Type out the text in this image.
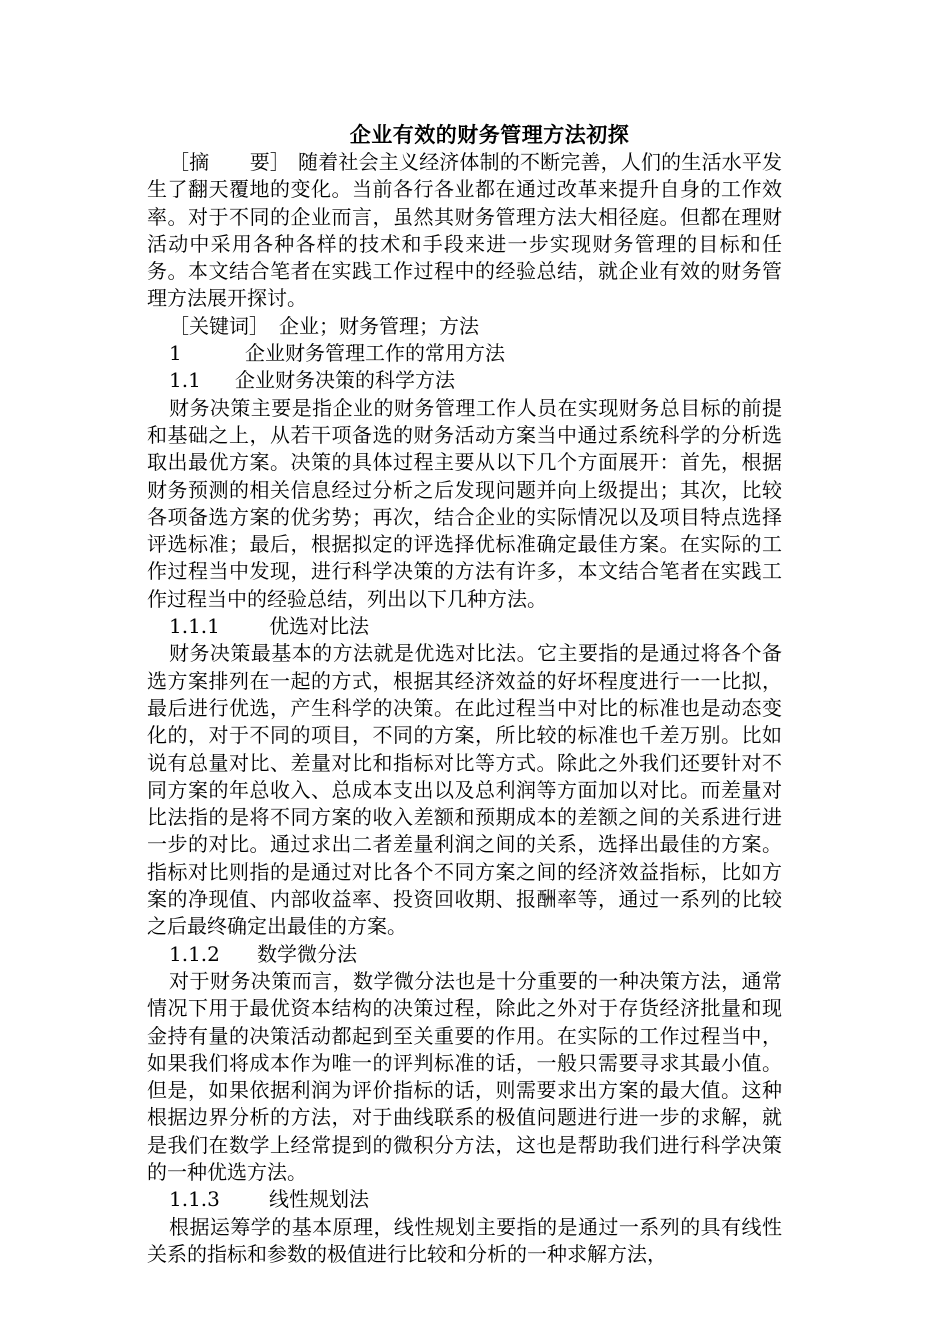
企业有效的财务管理方法初探

［摘　　要］ 随着社会主义经济体制的不断完善，人们的生活水平发生了翻天覆地的变化。当前各行各业都在通过改革来提升自身的工作效率。对于不同的企业而言，虽然其财务管理方法大相径庭。但都在理财活动中采用各种各样的技术和手段来进一步实现财务管理的目标和任务。本文结合笔者在实践工作过程中的经验总结，就企业有效的财务管理方法展开探讨。

［关键词］ 企业；财务管理；方法

1	企业财务管理工作的常用方法

1.1 企业财务决策的科学方法

财务决策主要是指企业的财务管理工作人员在实现财务总目标的前提和基础之上，从若干项备选的财务活动方案当中通过系统科学的分析选取出最优方案。决策的具体过程主要从以下几个方面展开：首先，根据财务预测的相关信息经过分析之后发现问题并向上级提出；其次，比较各项备选方案的优劣势；再次，结合企业的实际情况以及项目特点选择评选标准；最后，根据拟定的评选择优标准确定最佳方案。在实际的工作过程当中发现，进行科学决策的方法有许多，本文结合笔者在实践工作过程当中的经验总结，列出以下几种方法。

1.1.1 优选对比法

财务决策最基本的方法就是优选对比法。它主要指的是通过将各个备选方案排列在一起的方式，根据其经济效益的好坏程度进行一一比拟，最后进行优选，产生科学的决策。在此过程当中对比的标准也是动态变化的，对于不同的项目，不同的方案，所比较的标准也千差万别。比如说有总量对比、差量对比和指标对比等方式。除此之外我们还要针对不同方案的年总收入、总成本支出以及总利润等方面加以对比。而差量对比法指的是将不同方案的收入差额和预期成本的差额之间的关系进行进一步的对比。通过求出二者差量利润之间的关系，选择出最佳的方案。指标对比则指的是通过对比各个不同方案之间的经济效益指标，比如方案的净现值、内部收益率、投资回收期、报酬率等，通过一系列的比较之后最终确定出最佳的方案。

1.1.2 数学微分法

对于财务决策而言，数学微分法也是十分重要的一种决策方法，通常情况下用于最优资本结构的决策过程，除此之外对于存货经济批量和现金持有量的决策活动都起到至关重要的作用。在实际的工作过程当中，如果我们将成本作为唯一的评判标准的话，一般只需要寻求其最小值。但是，如果依据利润为评价指标的话，则需要求出方案的最大值。这种根据边界分析的方法，对于曲线联系的极值问题进行进一步的求解，就是我们在数学上经常提到的微积分方法，这也是帮助我们进行科学决策的一种优选方法。

1.1.3 线性规划法

根据运筹学的基本原理，线性规划主要指的是通过一系列的具有线性关系的指标和参数的极值进行比较和分析的一种求解方法，
